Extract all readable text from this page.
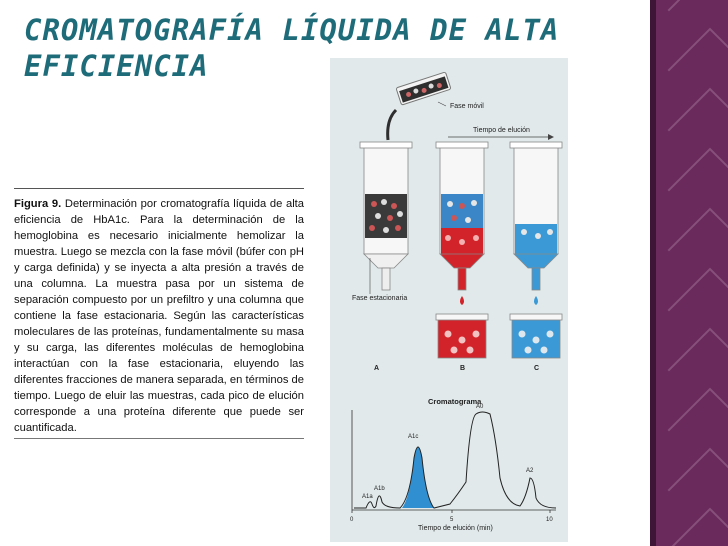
CROMATOGRAFÍA LÍQUIDA DE ALTA EFICIENCIA
Figura 9. Determinación por cromatografía líquida de alta eficiencia de HbA1c. Para la determinación de la hemoglobina es necesario inicialmente hemolizar la muestra. Luego se mezcla con la fase móvil (búfer con pH y carga definida) y se inyecta a alta presión a través de una columna. La muestra pasa por un sistema de separación compuesto por un prefiltro y una columna que contiene la fase estacionaria. Según las características moleculares de las proteínas, fundamentalmente su masa y su carga, las diferentes moléculas de hemoglobina interactúan con la fase estacionaria, eluyendo las diferentes fracciones de manera separada, en términos de tiempo. Luego de eluir las muestras, cada pico de elución corresponde a una proteína diferente que puede ser cuantificada.
Fase móvil
Tiempo de elución
Fase estacionaria
A	B	C
Cromatograma
A1a
A1b
A1c
A0
A2
0	5	10
Tiempo de elución (min)
